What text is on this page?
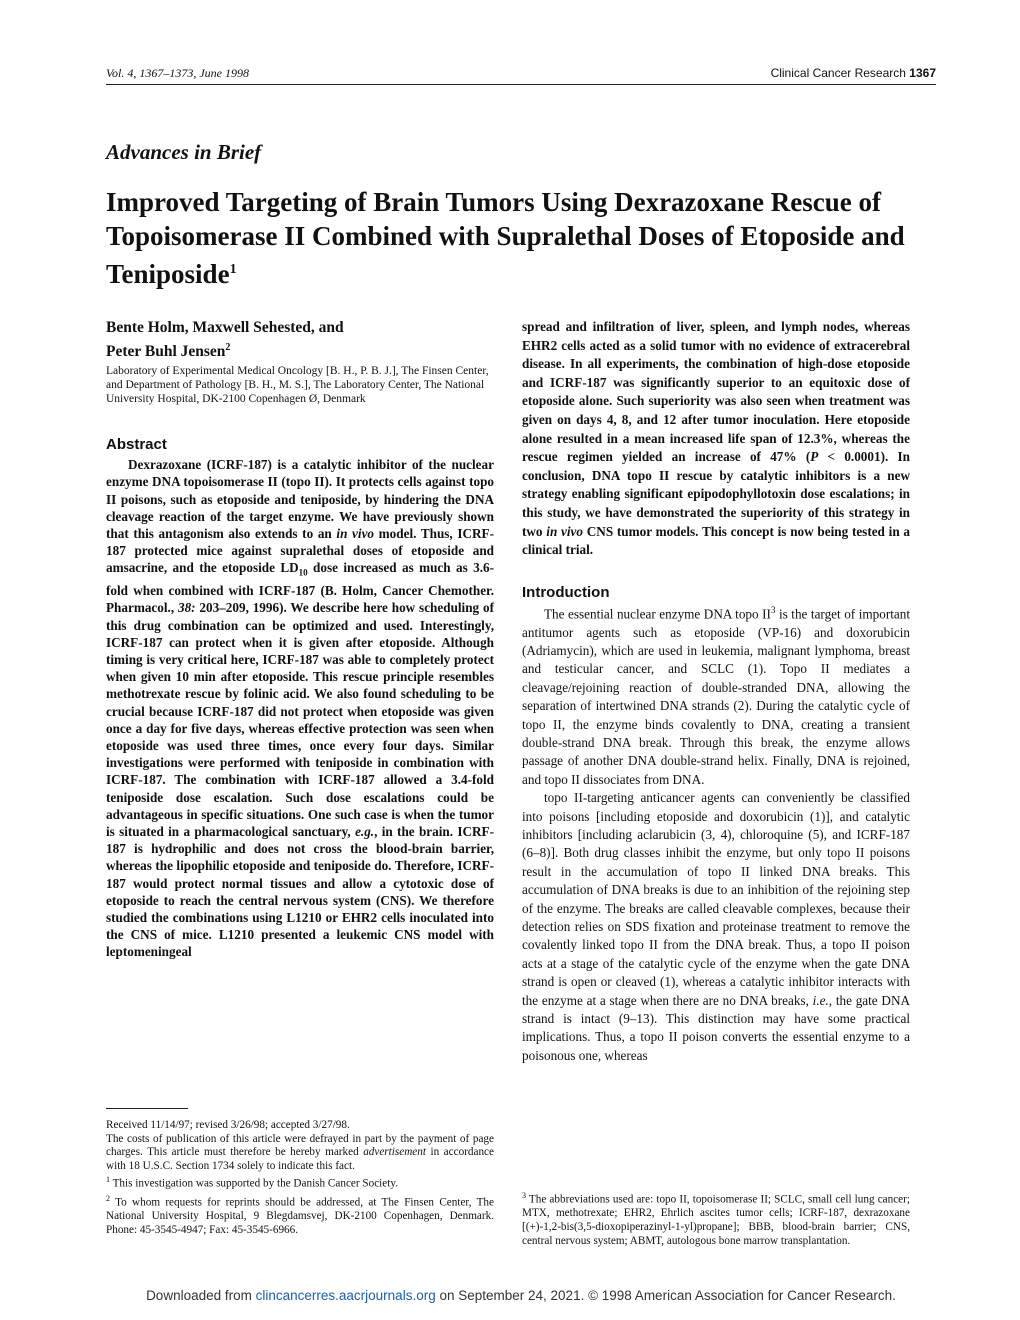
Vol. 4, 1367–1373, June 1998	Clinical Cancer Research 1367
Advances in Brief
Improved Targeting of Brain Tumors Using Dexrazoxane Rescue of Topoisomerase II Combined with Supralethal Doses of Etoposide and Teniposide$^1$
Bente Holm, Maxwell Sehested, and
Peter Buhl Jensen$^2$
Laboratory of Experimental Medical Oncology [B. H., P. B. J.], The Finsen Center, and Department of Pathology [B. H., M. S.], The Laboratory Center, The National University Hospital, DK-2100 Copenhagen Ø, Denmark
Abstract
Dexrazoxane (ICRF-187) is a catalytic inhibitor of the nuclear enzyme DNA topoisomerase II (topo II). It protects cells against topo II poisons, such as etoposide and teniposide, by hindering the DNA cleavage reaction of the target enzyme. We have previously shown that this antagonism also extends to an in vivo model. Thus, ICRF-187 protected mice against supralethal doses of etoposide and amsacrine, and the etoposide $LD_{10}$ dose increased as much as 3.6-fold when combined with ICRF-187 (B. Holm, Cancer Chemother. Pharmacol., 38: 203–209, 1996). We describe here how scheduling of this drug combination can be optimized and used. Interestingly, ICRF-187 can protect when it is given after etoposide. Although timing is very critical here, ICRF-187 was able to completely protect when given 10 min after etoposide. This rescue principle resembles methotrexate rescue by folinic acid. We also found scheduling to be crucial because ICRF-187 did not protect when etoposide was given once a day for five days, whereas effective protection was seen when etoposide was used three times, once every four days. Similar investigations were performed with teniposide in combination with ICRF-187. The combination with ICRF-187 allowed a 3.4-fold teniposide dose escalation. Such dose escalations could be advantageous in specific situations. One such case is when the tumor is situated in a pharmacological sanctuary, e.g., in the brain. ICRF-187 is hydrophilic and does not cross the blood-brain barrier, whereas the lipophilic etoposide and teniposide do. Therefore, ICRF-187 would protect normal tissues and allow a cytotoxic dose of etoposide to reach the central nervous system (CNS). We therefore studied the combinations using L1210 or EHR2 cells inoculated into the CNS of mice. L1210 presented a leukemic CNS model with leptomeningeal
spread and infiltration of liver, spleen, and lymph nodes, whereas EHR2 cells acted as a solid tumor with no evidence of extracerebral disease. In all experiments, the combination of high-dose etoposide and ICRF-187 was significantly superior to an equitoxic dose of etoposide alone. Such superiority was also seen when treatment was given on days 4, 8, and 12 after tumor inoculation. Here etoposide alone resulted in a mean increased life span of 12.3%, whereas the rescue regimen yielded an increase of 47% (P < 0.0001). In conclusion, DNA topo II rescue by catalytic inhibitors is a new strategy enabling significant epipodophyllotoxin dose escalations; in this study, we have demonstrated the superiority of this strategy in two in vivo CNS tumor models. This concept is now being tested in a clinical trial.
Introduction

The essential nuclear enzyme DNA topo $II^3$ is the target of important antitumor agents such as etoposide (VP-16) and doxorubicin (Adriamycin), which are used in leukemia, malignant lymphoma, breast and testicular cancer, and SCLC (1). Topo II mediates a cleavage/rejoining reaction of double-stranded DNA, allowing the separation of intertwined DNA strands (2). During the catalytic cycle of topo II, the enzyme binds covalently to DNA, creating a transient double-strand DNA break. Through this break, the enzyme allows passage of another DNA double-strand helix. Finally, DNA is rejoined, and topo II dissociates from DNA.

topo II-targeting anticancer agents can conveniently be classified into poisons [including etoposide and doxorubicin (1)], and catalytic inhibitors [including aclarubicin (3, 4), chloroquine (5), and ICRF-187 (6–8)]. Both drug classes inhibit the enzyme, but only topo II poisons result in the accumulation of topo II linked DNA breaks. This accumulation of DNA breaks is due to an inhibition of the rejoining step of the enzyme. The breaks are called cleavable complexes, because their detection relies on SDS fixation and proteinase treatment to remove the covalently linked topo II from the DNA break. Thus, a topo II poison acts at a stage of the catalytic cycle of the enzyme when the gate DNA strand is open or cleaved (1), whereas a catalytic inhibitor interacts with the enzyme at a stage when there are no DNA breaks, i.e., the gate DNA strand is intact (9–13). This distinction may have some practical implications. Thus, a topo II poison converts the essential enzyme to a poisonous one, whereas

Received 11/14/97; revised 3/26/98; accepted 3/27/98.

The costs of publication of this article were defrayed in part by the payment of page charges. This article must therefore be hereby marked advertisement in accordance with 18 U.S.C. Section 1734 solely to indicate this fact.

$^1$ This investigation was supported by the Danish Cancer Society.

$^2$ To whom requests for reprints should be addressed, at The Finsen Center, The National University Hospital, 9 Blegdamsvej, DK-2100 Copenhagen, Denmark. Phone: 45-3545-4947; Fax: 45-3545-6966.

$^3$ The abbreviations used are: topo II, topoisomerase II; SCLC, small cell lung cancer; MTX, methotrexate; EHR2, Ehrlich ascites tumor cells; ICRF-187, dexrazoxane [(+)-1,2-bis(3,5-dioxopiperazinyl-1-yl)propane]; BBB, blood-brain barrier; CNS, central nervous system; ABMT, autologous bone marrow transplantation.

Downloaded from clincancerres.aacrjournals.org on September 24, 2021. © 1998 American Association for Cancer Research.
